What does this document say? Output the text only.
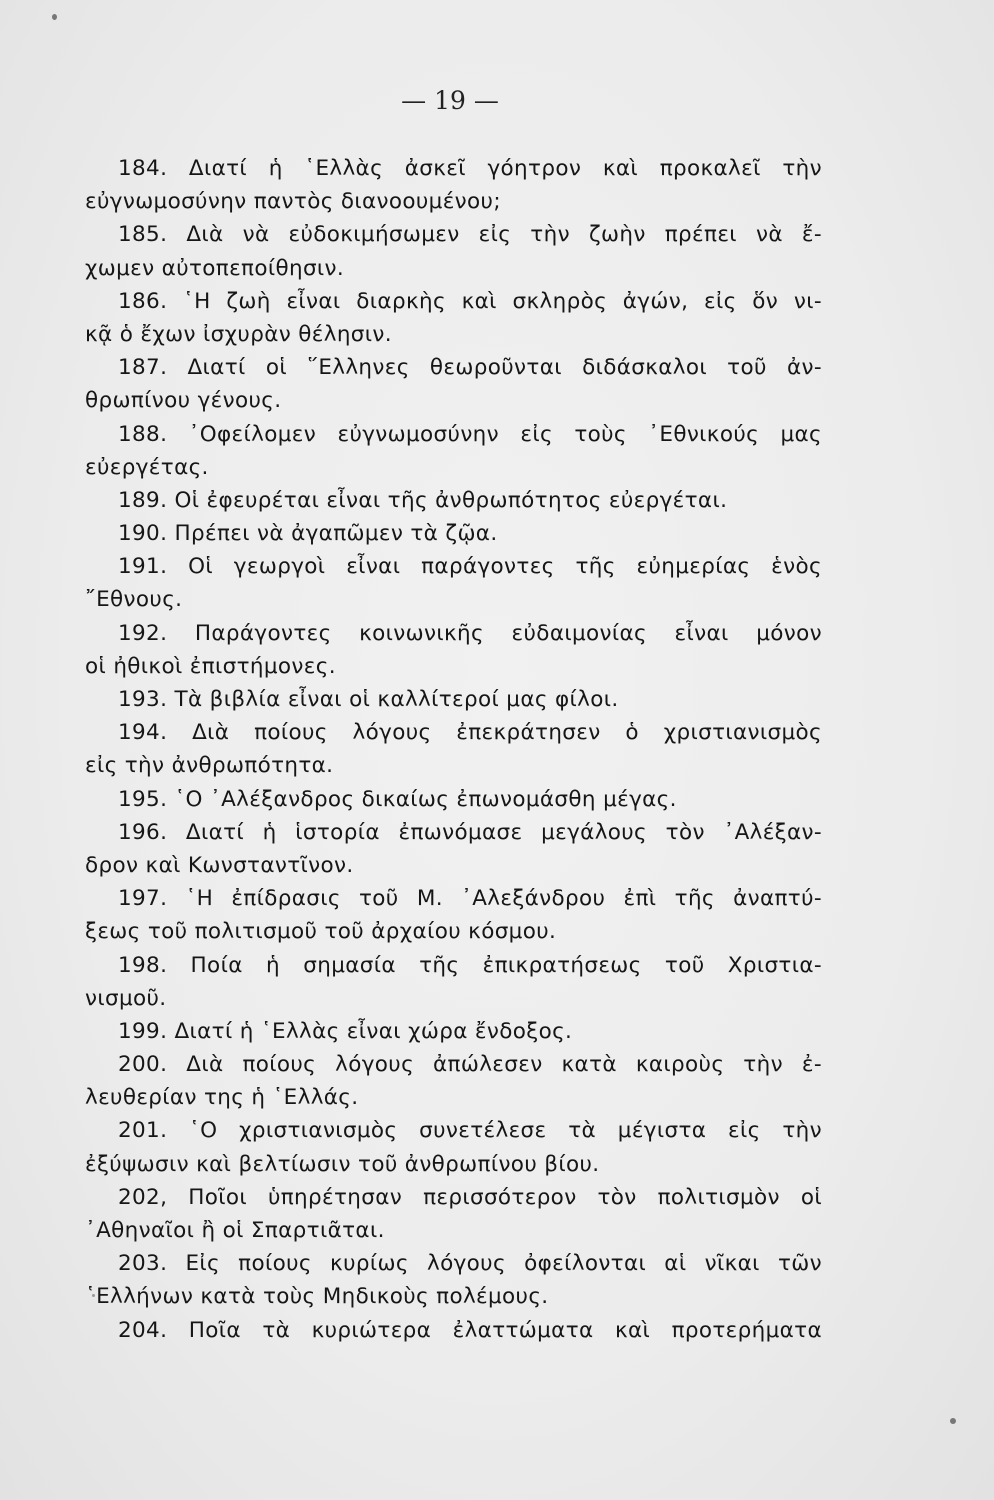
— 19 —
184. Διατί ἡ ῾Ελλὰς ἀσκεῖ γόητρον καὶ προκαλεῖ τὴν
εὐγνωμοσύνην παντὸς διανοουμένου;
185. Διὰ νὰ εὐδοκιμήσωμεν εἰς τὴν ζωὴν πρέπει νὰ ἔ-
χωμεν αὐτοπεποίθησιν.
186. ῾Η ζωὴ εἶναι διαρκὴς καὶ σκληρὸς ἀγών, εἰς ὅν νι-
κᾷ ὁ ἔχων ἰσχυρὰν θέλησιν.
187. Διατί οἱ ῞Ελληνες θεωροῦνται διδάσκαλοι τοῦ ἀν-
θρωπίνου γένους.
188. ᾿Οφείλομεν εὐγνωμοσύνην εἰς τοὺς ᾿Εθνικούς μας
εὐεργέτας.
189. Οἱ ἐφευρέται εἶναι τῆς ἀνθρωπότητος εὐεργέται.
190. Πρέπει νὰ ἀγαπῶμεν τὰ ζῷα.
191. Οἱ γεωργοὶ εἶναι παράγοντες τῆς εὐημερίας ἑνὸς
῎Εθνους.
192. Παράγοντες κοινωνικῆς εὐδαιμονίας εἶναι μόνον
οἱ ἠθικοὶ ἐπιστήμονες.
193. Τὰ βιβλία εἶναι οἱ καλλίτεροί μας φίλοι.
194. Διὰ ποίους λόγους ἐπεκράτησεν ὁ χριστιανισμὸς
εἰς τὴν ἀνθρωπότητα.
195. ῾Ο ᾿Αλέξανδρος δικαίως ἐπωνομάσθη μέγας.
196. Διατί ἡ ἱστορία ἐπωνόμασε μεγάλους τὸν ᾿Αλέξαν-
δρον καὶ Κωνσταντῖνον.
197. ῾Η ἐπίδρασις τοῦ Μ. ᾿Αλεξάνδρου ἐπὶ τῆς ἀναπτύ-
ξεως τοῦ πολιτισμοῦ τοῦ ἀρχαίου κόσμου.
198. Ποία ἡ σημασία τῆς ἐπικρατήσεως τοῦ Χριστια-
νισμοῦ.
199. Διατί ἡ ῾Ελλὰς εἶναι χώρα ἔνδοξος.
200. Διὰ ποίους λόγους ἀπώλεσεν κατὰ καιροὺς τὴν ἐ-
λευθερίαν της ἡ ῾Ελλάς.
201. ῾Ο χριστιανισμὸς συνετέλεσε τὰ μέγιστα εἰς τὴν
ἐξύψωσιν καὶ βελτίωσιν τοῦ ἀνθρωπίνου βίου.
202, Ποῖοι ὑπηρέτησαν περισσότερον τὸν πολιτισμὸν οἱ
᾿Αθηναῖοι ἢ οἱ Σπαρτιᾶται.
203. Εἰς ποίους κυρίως λόγους ὀφείλονται αἱ νῖκαι τῶν
῾Ελλήνων κατὰ τοὺς Μηδικοὺς πολέμους.
204. Ποῖα τὰ κυριώτερα ἐλαττώματα καὶ προτερήματα
